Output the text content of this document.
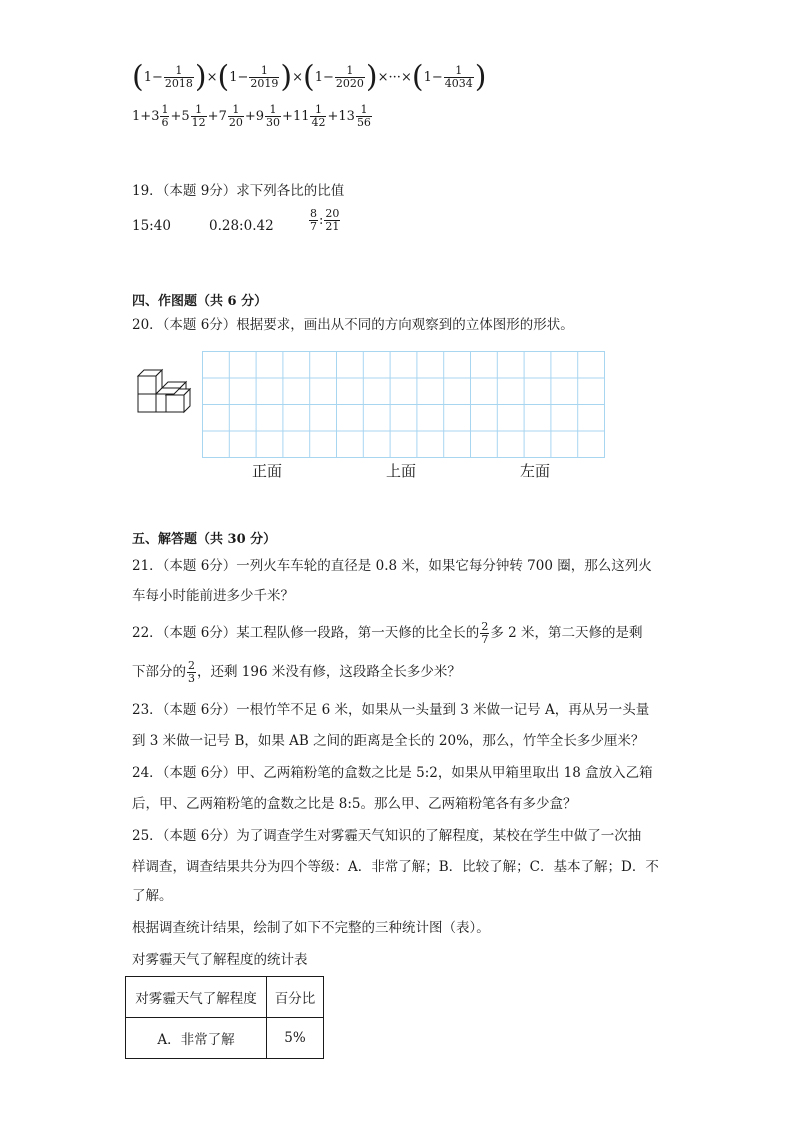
$(1- \frac{1}{2018} )\times(1- \frac{1}{2019} )\times(1- \frac{1}{2020} )\times\cdot\cdot\cdot\times(1- \frac{1}{4034}$ )
$1+3 \frac{1}{6} +5 \frac{1}{12} +7 \frac{1}{20} +9 \frac{1}{30} +11 \frac{1}{42} +13 \frac{1}{56}$
19．（本题 9分）求下列各比的比值
15:40	0.28:0.42	$\frac{8}{7}$ : $\frac{20}{21}$
四、作图题（共 6 分）
20．（本题 6分）根据要求，画出从不同的方向观察到的立体图形的形状。
正面	上面	左面
五、解答题（共 30 分）
21．（本题 6分）一列火车车轮的直径是 0.8 米，如果它每分钟转 700 圈，那么这列火
车每小时能前进多少千米？
22．（本题 6分）某工程队修一段路，第一天修的比全长的 $\frac{2}{7}$ 多 2 米，第二天修的是剩
下部分的 $\frac{2}{3}$ ，还剩 196 米没有修，这段路全长多少米？
23．（本题 6分）一根竹竿不足 6 米，如果从一头量到 3 米做一记号 A，再从另一头量
到 3 米做一记号 B，如果 AB 之间的距离是全长的 20%，那么，竹竿全长多少厘米？
24．（本题 6分）甲、乙两箱粉笔的盒数之比是 5:2，如果从甲箱里取出 18 盒放入乙箱
后，甲、乙两箱粉笔的盒数之比是 8:5。那么甲、乙两箱粉笔各有多少盒？
25．（本题 6分）为了调查学生对雾霾天气知识的了解程度，某校在学生中做了一次抽
样调查，调查结果共分为四个等级：A．非常了解；B．比较了解；C．基本了解；D．不
了解。
根据调查统计结果，绘制了如下不完整的三种统计图（表）。
对雾霾天气了解程度的统计表
对雾霾天气了解程度	百分比
A．非常了解	5%
